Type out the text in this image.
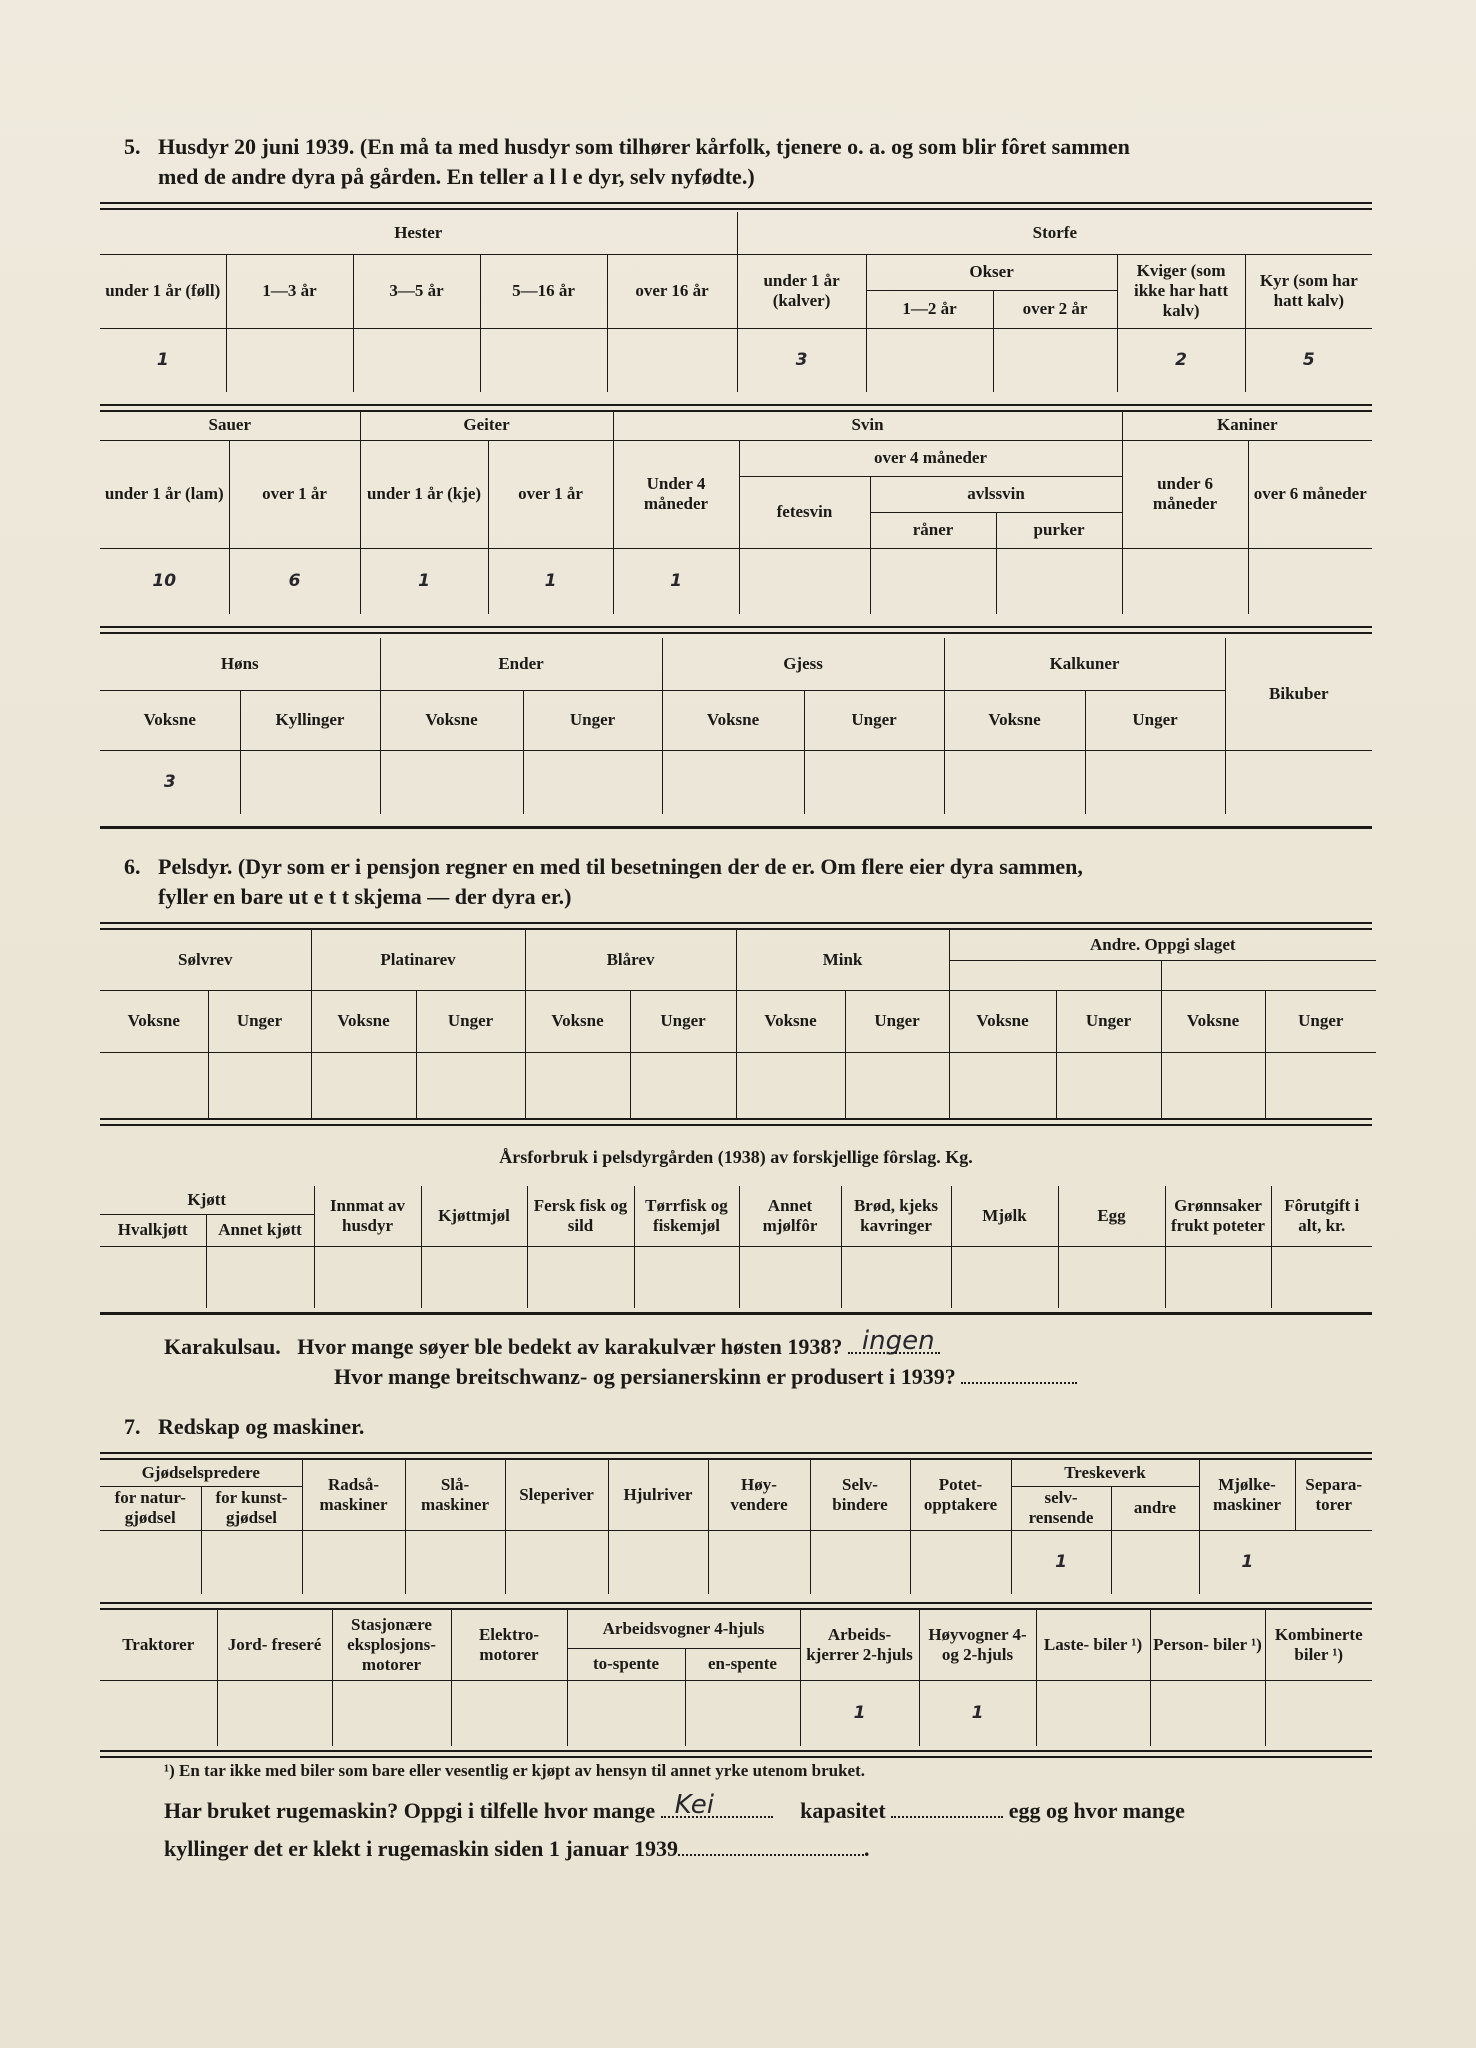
5. Husdyr 20 juni 1939. (En må ta med husdyr som tilhører kårfolk, tjenere o. a. og som blir fôret sammen
med de andre dyra på gården. En teller a l l e dyr, selv nyfødte.)
Hester					Storfe				
under 1 år (føll)	1—3 år	3—5 år	5—16 år	over 16 år	under 1 år (kalver)	Okser		Kviger (som ikke har hatt kalv)	Kyr (som har hatt kalv)
						1—2 år	over 2 år		
1					3			2	5
Sauer		Geiter		Svin				Kaniner	
under 1 år (lam)	over 1 år	under 1 år (kje)	over 1 år	Under 4 måneder	over 4 måneder			under 6 måneder	over 6 måneder
					fetesvin	avlssvin			
						råner	purker		
10	6	1	1	1					
Høns		Ender		Gjess		Kalkuner		Bikuber
Voksne	Kyllinger	Voksne	Unger	Voksne	Unger	Voksne	Unger	
3								
6. Pelsdyr. (Dyr som er i pensjon regner en med til besetningen der de er. Om flere eier dyra sammen,
fyller en bare ut e t t skjema — der dyra er.)
Sølvrev		Platinarev		Blårev		Mink		Andre. Oppgi slaget			

Voksne	Unger	Voksne	Unger	Voksne	Unger	Voksne	Unger	Voksne	Unger	Voksne	Unger

Årsforbruk i pelsdyrgården (1938) av forskjellige fôrslag. Kg.
Kjøtt		Innmat av husdyr	Kjøttmjøl	Fersk fisk og sild	Tørrfisk og fiskemjøl	Annet mjølfôr	Brød, kjeks kavringer	Mjølk	Egg	Grønnsaker frukt poteter	Fôrutgift i alt, kr.
Hvalkjøtt	Annet kjøtt										

Karakulsau. Hvor mange søyer ble bedekt av karakulvær høsten 1938? ingen
Hvor mange breitschwanz- og persianerskinn er produsert i 1939?
7. Redskap og maskiner.
Gjødselspredere		Radså- maskiner	Slå- maskiner	Sleperiver	Hjulriver	Høy- vendere	Selv- bindere	Potet- opptakere	Treskeverk		Mjølke- maskiner	Separa- torer
for natur- gjødsel	for kunst- gjødsel								selv- rensende	andre		
									1		1	
Traktorer	Jord- freseré	Stasjonære eksplosjons- motorer	Elektro- motorer	Arbeidsvogner 4-hjuls		Arbeids- kjerrer 2-hjuls	Høyvogner 4- og 2-hjuls	Laste- biler ¹)	Person- biler ¹)	Kombinerte biler ¹)
				to-spente	en-spente					
						1	1			
¹) En tar ikke med biler som bare eller vesentlig er kjøpt av hensyn til annet yrke utenom bruket.
Har bruket rugemaskin? Oppgi i tilfelle hvor mange Kei	kapasitet	egg og hvor mange
kyllinger det er klekt i rugemaskin siden 1 januar 1939	.
